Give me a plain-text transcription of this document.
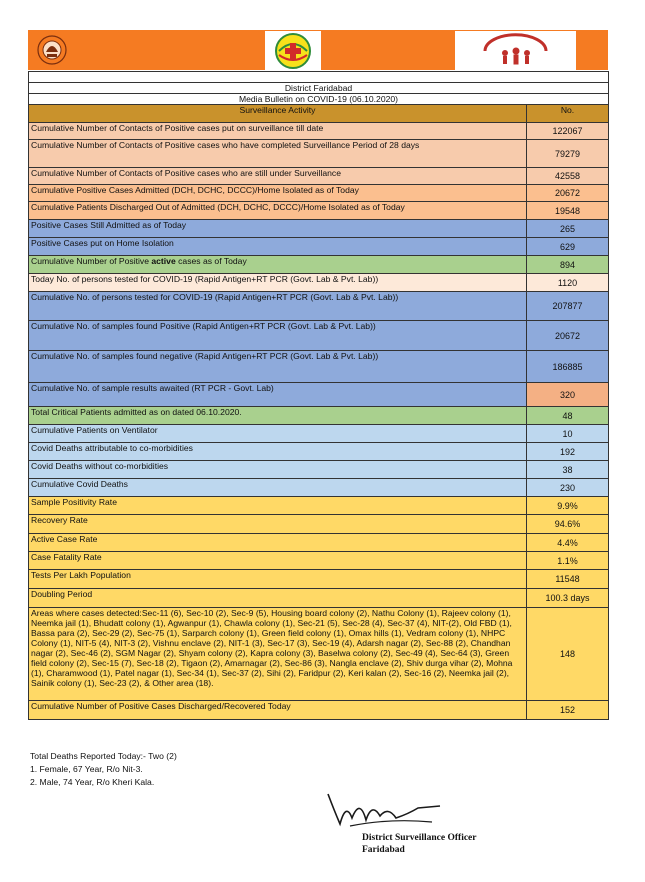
District Faridabad	
Media Bulletin on COVID-19 (06.10.2020)	
Surveillance Activity	No.
Cumulative Number of Contacts of Positive cases put on surveillance till date	122067
Cumulative Number of Contacts of Positive cases who have completed Surveillance Period of 28 days	79279
Cumulative Number of Contacts of Positive cases who are still under Surveillance	42558
Cumulative Positive Cases Admitted (DCH, DCHC, DCCC)/Home Isolated as of Today	20672
Cumulative Patients Discharged Out of Admitted (DCH, DCHC, DCCC)/Home Isolated as of Today	19548
Positive Cases Still Admitted as of Today	265
Positive Cases put on Home Isolation	629
Cumulative Number of Positive active cases as of Today	894
Today No. of persons tested for COVID-19 (Rapid Antigen+RT PCR (Govt. Lab & Pvt. Lab))	1120
Cumulative No. of persons tested for COVID-19 (Rapid Antigen+RT PCR (Govt. Lab & Pvt. Lab))	207877
Cumulative No. of samples found Positive (Rapid Antigen+RT PCR (Govt. Lab & Pvt. Lab))	20672
Cumulative No. of samples found negative (Rapid Antigen+RT PCR (Govt. Lab & Pvt. Lab))	186885
Cumulative No. of sample results awaited (RT PCR - Govt. Lab)	320
Total Critical Patients admitted as on dated 06.10.2020.	48
Cumulative Patients on Ventilator	10
Covid Deaths attributable to co-morbidities	192
Covid Deaths without co-morbidities	38
Cumulative Covid Deaths	230
Sample Positivity Rate	9.9%
Recovery Rate	94.6%
Active Case Rate	4.4%
Case Fatality Rate	1.1%
Tests Per Lakh Population	11548
Doubling Period	100.3 days
Areas where cases detected:Sec-11 (6), Sec-10 (2), Sec-9 (5), Housing board colony (2), Nathu Colony (1), Rajeev colony (1), Neemka jail (1), Bhudatt colony (1), Agwanpur (1), Chawla colony (1), Sec-21 (5), Sec-28 (4), Sec-37 (4), NIT-(2), Old FBD (1), Bassa para (2), Sec-29 (2), Sec-75 (1), Sarparch colony (1), Green field colony (1), Omax hills (1), Vedram colony (1), NHPC Colony (1), NIT-5 (4), NIT-3 (2), Vishnu enclave (2), NIT-1 (3), Sec-17 (3), Sec-19 (4), Adarsh nagar (2), Sec-88 (2), Chandhan nagar (2), Sec-46 (2), SGM Nagar (2), Shyam colony (2), Kapra colony (3), Baselwa colony (2), Sec-49 (4), Sec-64 (3), Green field colony (2), Sec-15 (7), Sec-18 (2), Tigaon (2), Amarnagar (2), Sec-86 (3), Nangla enclave (2), Shiv durga vihar (2), Mohna (1), Charamwood (1), Patel nagar (1), Sec-34 (1), Sec-37 (2), Sihi (2), Faridpur (2), Keri kalan (2), Sec-16 (2), Neemka jail (2), Sainik colony (1), Sec-23 (2), & Other area (18).	148
Cumulative Number of Positive Cases Discharged/Recovered Today	152
Total Deaths Reported Today:- Two (2)
1. Female, 67 Year, R/o Nit-3.
2. Male, 74 Year, R/o Kheri Kala.
District Surveillance Officer
Faridabad
